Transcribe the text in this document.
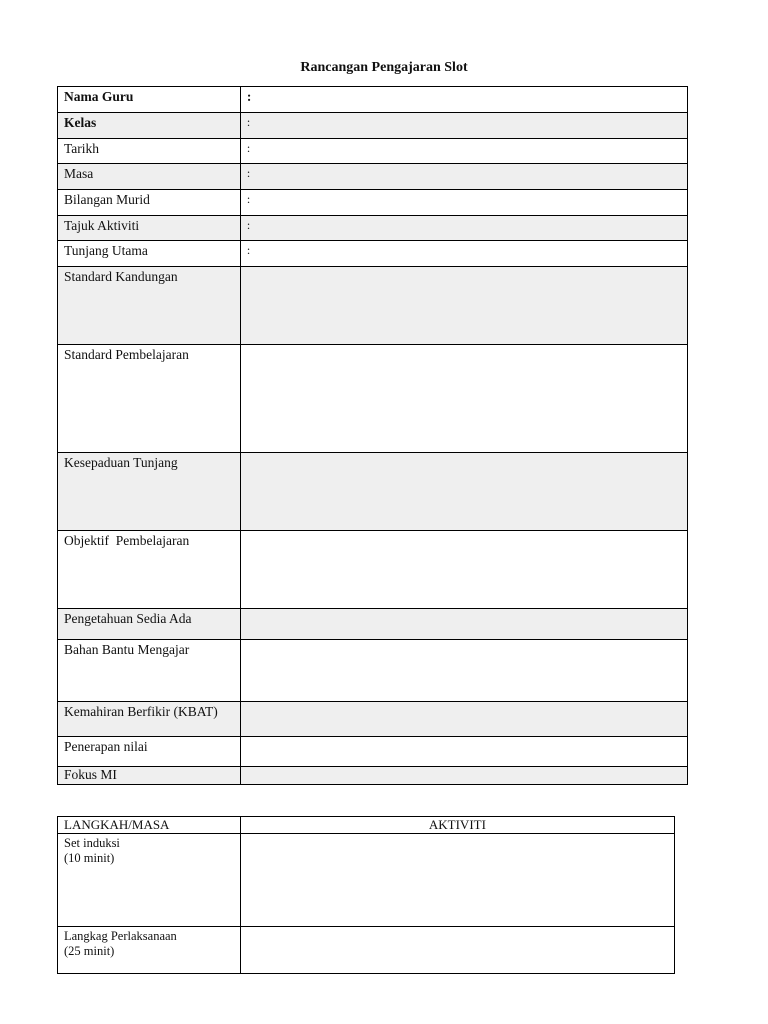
Rancangan Pengajaran Slot
Nama Guru	:
Kelas	:
Tarikh	:
Masa	:
Bilangan Murid	:
Tajuk Aktiviti	:
Tunjang Utama	:
Standard Kandungan	
Standard Pembelajaran	
Kesepaduan Tunjang	
Objektif  Pembelajaran	
Pengetahuan Sedia Ada	
Bahan Bantu Mengajar	
Kemahiran Berfikir (KBAT)	
Penerapan nilai	
Fokus MI	
LANGKAH/MASA	AKTIVITI

Set induksi
(10 minit)	

Langkag Perlaksanaan
(25 minit)	
